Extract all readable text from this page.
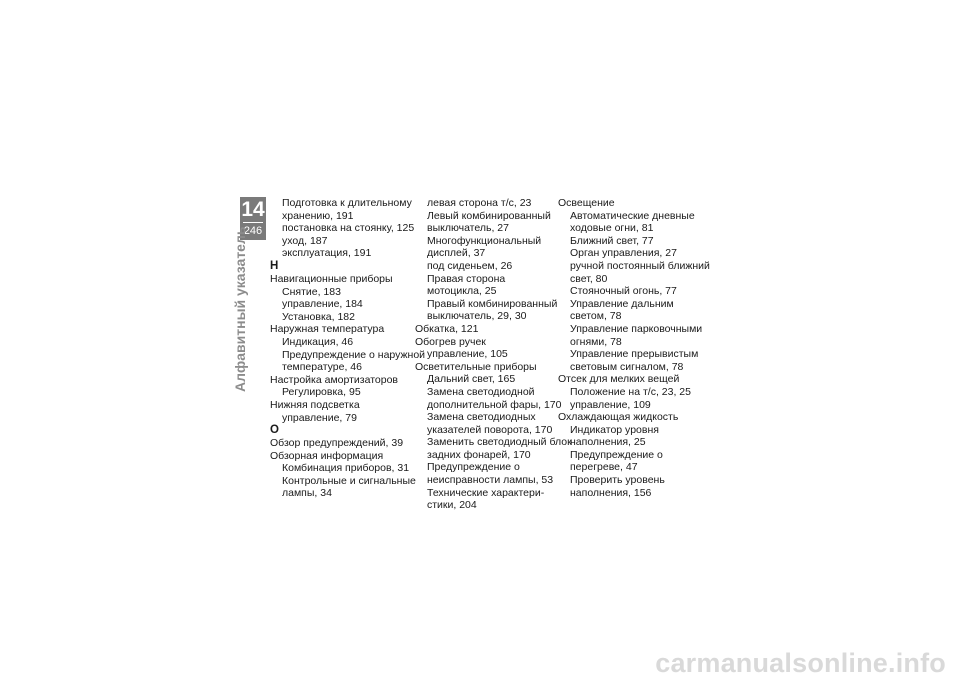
14
246
Алфавитный указатель
Подготовка к длительному
хранению, 191
постановка на стоянку, 125
уход, 187
эксплуатация, 191
Н
Навигационные приборы
Снятие, 183
управление, 184
Установка, 182
Наружная температура
Индикация, 46
Предупреждение о наружной
температуре, 46
Настройка амортизаторов
Регулировка, 95
Нижняя подсветка
управление, 79
О
Обзор предупреждений, 39
Обзорная информация
Комбинация приборов, 31
Контрольные и сигнальные
лампы, 34
левая сторона т/с, 23
Левый комбинированный
выключатель, 27
Многофункциональный
дисплей, 37
под сиденьем, 26
Правая сторона
мотоцикла, 25
Правый комбинированный
выключатель, 29, 30
Обкатка, 121
Обогрев ручек
управление, 105
Осветительные приборы
Дальний свет, 165
Замена светодиодной
дополнительной фары, 170
Замена светодиодных
указателей поворота, 170
Заменить светодиодный блок
задних фонарей, 170
Предупреждение о
неисправности лампы, 53
Технические характери-
стики, 204
Освещение
Автоматические дневные
ходовые огни, 81
Ближний свет, 77
Орган управления, 27
ручной постоянный ближний
свет, 80
Стояночный огонь, 77
Управление дальним
светом, 78
Управление парковочными
огнями, 78
Управление прерывистым
световым сигналом, 78
Отсек для мелких вещей
Положение на т/с, 23, 25
управление, 109
Охлаждающая жидкость
Индикатор уровня
наполнения, 25
Предупреждение о
перегреве, 47
Проверить уровень
наполнения, 156
carmanualsonline.info
